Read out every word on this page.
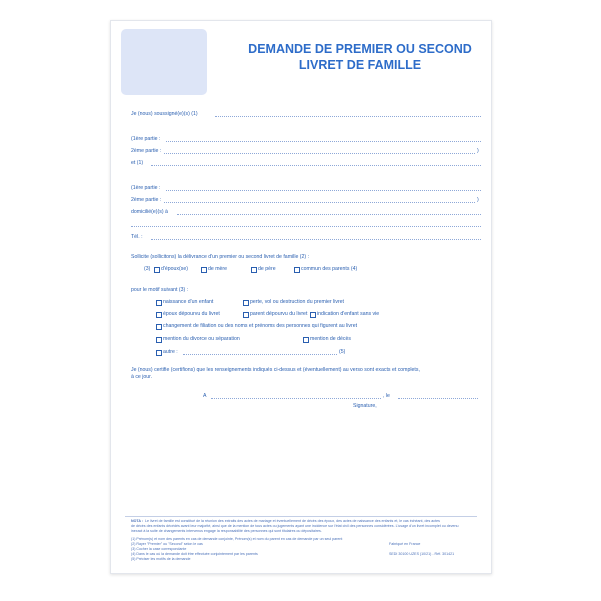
DEMANDE DE PREMIER OU SECOND
LIVRET DE FAMILLE
Je (nous) soussigné(e)(s) (1)
(1ère partie :
2ème partie :	)
et (1)
(1ère partie :
2ème partie :	)
domicilié(e)(s) à
Tél. :
Sollicite (sollicitons) la délivrance d'un premier ou second livret de famille (2) :
(3) d'époux(se)	de mère	de père	commun des parents (4)
pour le motif suivant (3) :
naissance d'un enfant	perte, vol ou destruction du premier livret
époux dépourvu du livret	parent dépourvu du livret indication d'enfant sans vie
changement de filiation ou des noms et prénoms des personnes qui figurent au livret
mention du divorce ou séparation	mention de décès
autre :	(5)
Je (nous) certifie (certifions) que les renseignements indiqués ci-dessus et (éventuellement) au verso sont exacts et complets,
à ce jour.
A	, le
Signature,
NOTA : Le livret de famille est constitué de la réunion des extraits des actes de mariage et éventuellement de décès des époux, des actes de naissance des enfants et, le cas échéant, des actes
de décès des enfants décédés avant leur majorité, ainsi que de la mention de tous actes ou jugements ayant une incidence sur l'état civil des personnes considérées. L'usage d'un livret incomplet ou devenu
inexact à la suite de changements intervenus engage la responsabilité des personnes qui sont titulaires ou dépositaires.
(1) Prénom(s) et nom des parents en cas de demande conjointe, Prénom(s) et nom du parent en cas de demande par un seul parent
(2) Rayer "Premier" ou "Second" selon le cas
(3) Cocher la case correspondante
(4) Dans le cas où la demande doit être effectuée conjointement par les parents
(5) Préciser les motifs de la demande
Fabriqué en France
SEDI 30100 UZES (10/21) - Réf. 301421
